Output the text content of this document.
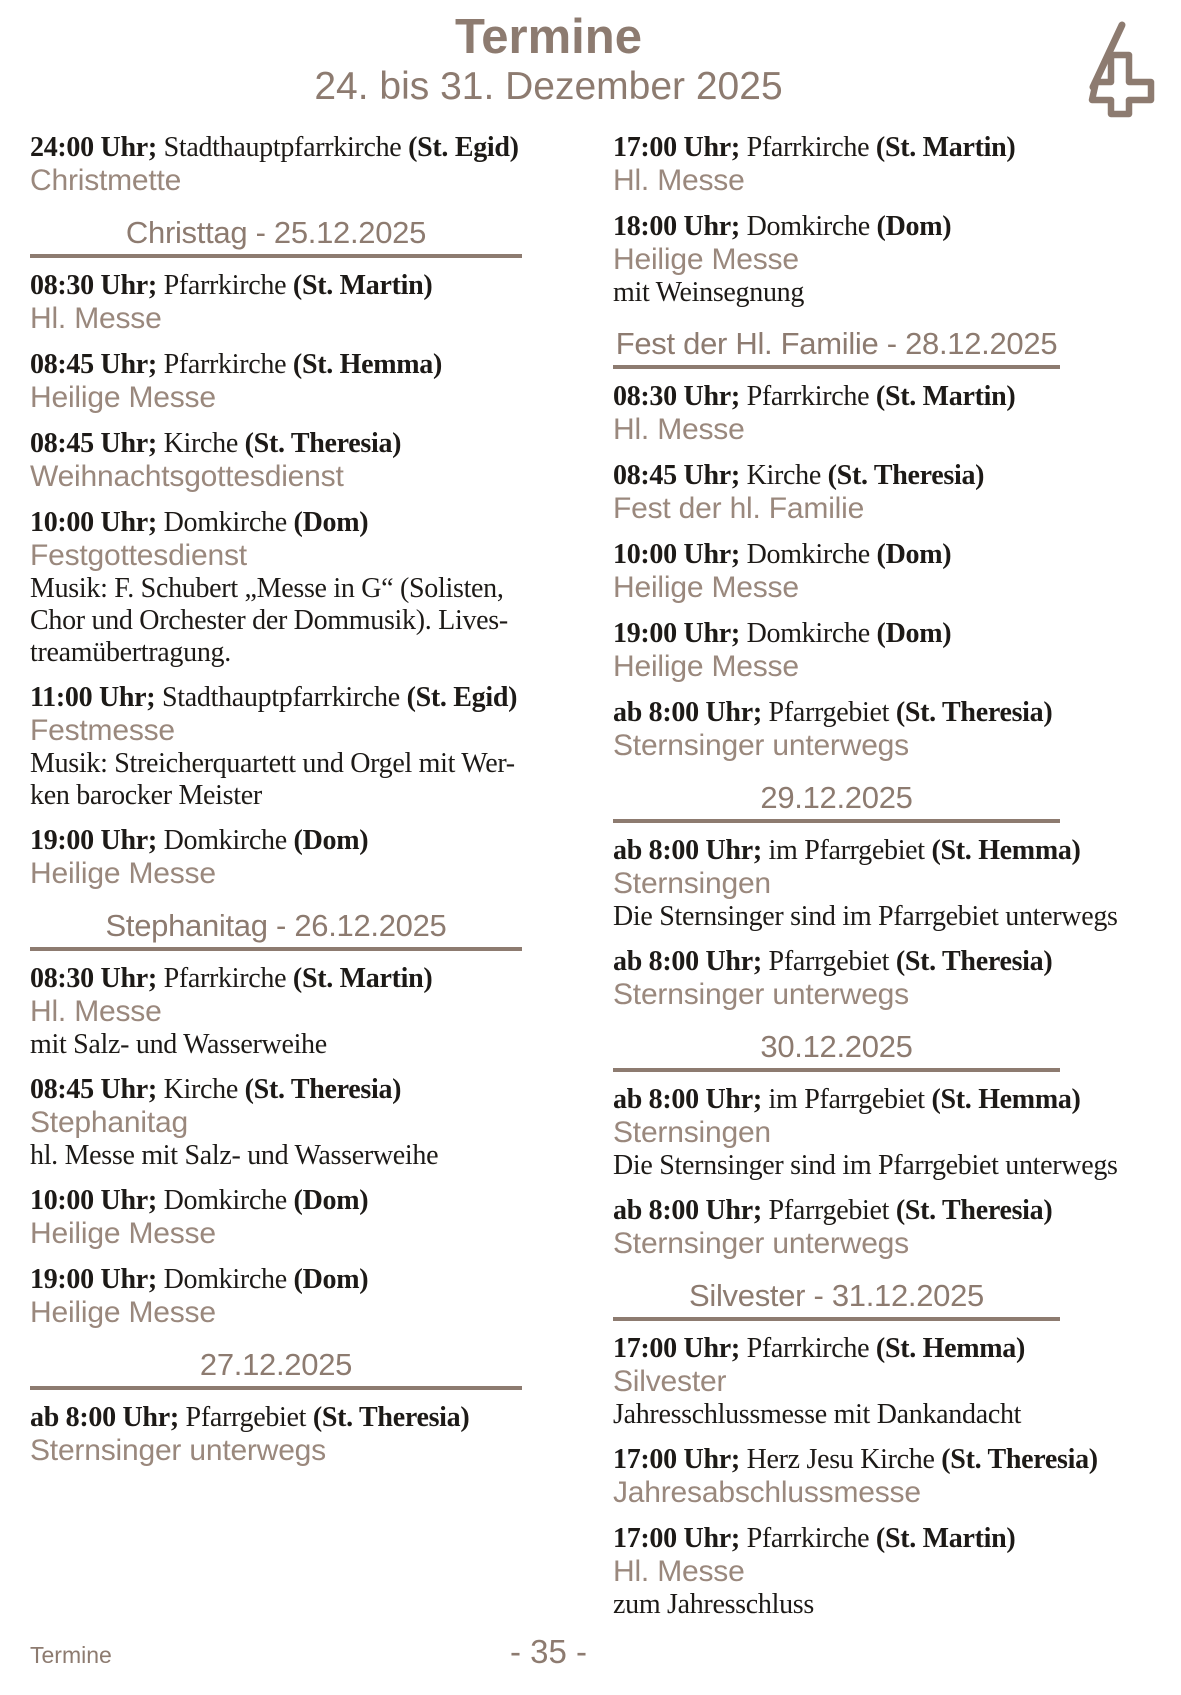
Termine
24. bis 31. Dezember 2025
24:00 Uhr; Stadthauptpfarrkirche (St. Egid)
Christmette
Christtag - 25.12.2025
08:30 Uhr; Pfarrkirche (St. Martin)
Hl. Messe
08:45 Uhr; Pfarrkirche (St. Hemma)
Heilige Messe
08:45 Uhr; Kirche (St. Theresia)
Weihnachtsgottesdienst
10:00 Uhr; Domkirche (Dom)
Festgottesdienst
Musik: F. Schubert „Messe in G“ (Solisten,
Chor und Orchester der Dommusik). Lives-
treamübertragung.
11:00 Uhr; Stadthauptpfarrkirche (St. Egid)
Festmesse
Musik: Streicherquartett und Orgel mit Wer-
ken barocker Meister
19:00 Uhr; Domkirche (Dom)
Heilige Messe
Stephanitag - 26.12.2025
08:30 Uhr; Pfarrkirche (St. Martin)
Hl. Messe
mit Salz- und Wasserweihe
08:45 Uhr; Kirche (St. Theresia)
Stephanitag
hl. Messe mit Salz- und Wasserweihe
10:00 Uhr; Domkirche (Dom)
Heilige Messe
19:00 Uhr; Domkirche (Dom)
Heilige Messe
27.12.2025
ab 8:00 Uhr; Pfarrgebiet (St. Theresia)
Sternsinger unterwegs
17:00 Uhr; Pfarrkirche (St. Martin)
Hl. Messe
18:00 Uhr; Domkirche (Dom)
Heilige Messe
mit Weinsegnung
Fest der Hl. Familie - 28.12.2025
08:30 Uhr; Pfarrkirche (St. Martin)
Hl. Messe
08:45 Uhr; Kirche (St. Theresia)
Fest der hl. Familie
10:00 Uhr; Domkirche (Dom)
Heilige Messe
19:00 Uhr; Domkirche (Dom)
Heilige Messe
ab 8:00 Uhr; Pfarrgebiet (St. Theresia)
Sternsinger unterwegs
29.12.2025
ab 8:00 Uhr; im Pfarrgebiet (St. Hemma)
Sternsingen
Die Sternsinger sind im Pfarrgebiet unterwegs
ab 8:00 Uhr; Pfarrgebiet (St. Theresia)
Sternsinger unterwegs
30.12.2025
ab 8:00 Uhr; im Pfarrgebiet (St. Hemma)
Sternsingen
Die Sternsinger sind im Pfarrgebiet unterwegs
ab 8:00 Uhr; Pfarrgebiet (St. Theresia)
Sternsinger unterwegs
Silvester - 31.12.2025
17:00 Uhr; Pfarrkirche (St. Hemma)
Silvester
Jahresschlussmesse mit Dankandacht
17:00 Uhr; Herz Jesu Kirche (St. Theresia)
Jahresabschlussmesse
17:00 Uhr; Pfarrkirche (St. Martin)
Hl. Messe
zum Jahresschluss
Termine	- 35 -
